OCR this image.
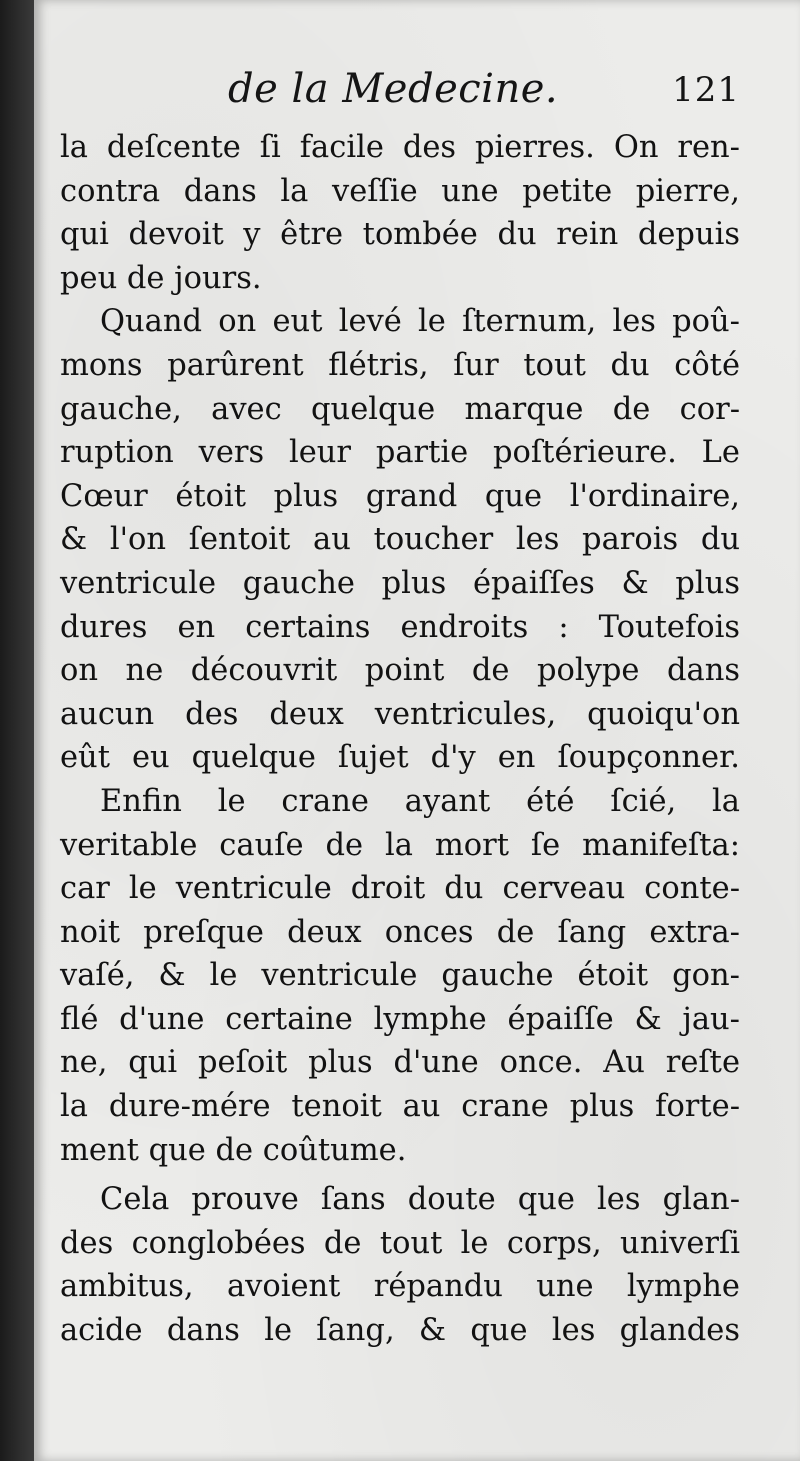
de la Medecine.	121
la deſcente ſi facile des pierres. On ren-
contra dans la veſſie une petite pierre,
qui devoit y être tombée du rein depuis
peu de jours.
Quand on eut levé le ſternum, les poû-
mons parûrent flétris, ſur tout du côté
gauche, avec quelque marque de cor-
ruption vers leur partie poſtérieure. Le
Cœur étoit plus grand que l'ordinaire,
& l'on ſentoit au toucher les parois du
ventricule gauche plus épaiſſes & plus
dures en certains endroits : Toutefois
on ne découvrit point de polype dans
aucun des deux ventricules, quoiqu'on
eût eu quelque ſujet d'y en ſoupçonner.
Enfin le crane ayant été ſcié, la
veritable cauſe de la mort ſe manifeſta:
car le ventricule droit du cerveau conte-
noit preſque deux onces de ſang extra-
vaſé, & le ventricule gauche étoit gon-
flé d'une certaine lymphe épaiſſe & jau-
ne, qui peſoit plus d'une once. Au reſte
la dure-mére tenoit au crane plus forte-
ment que de coûtume.
Cela prouve ſans doute que les glan-
des conglobées de tout le corps, univerſi
ambitus, avoient répandu une lymphe
acide dans le ſang, & que les glandes
